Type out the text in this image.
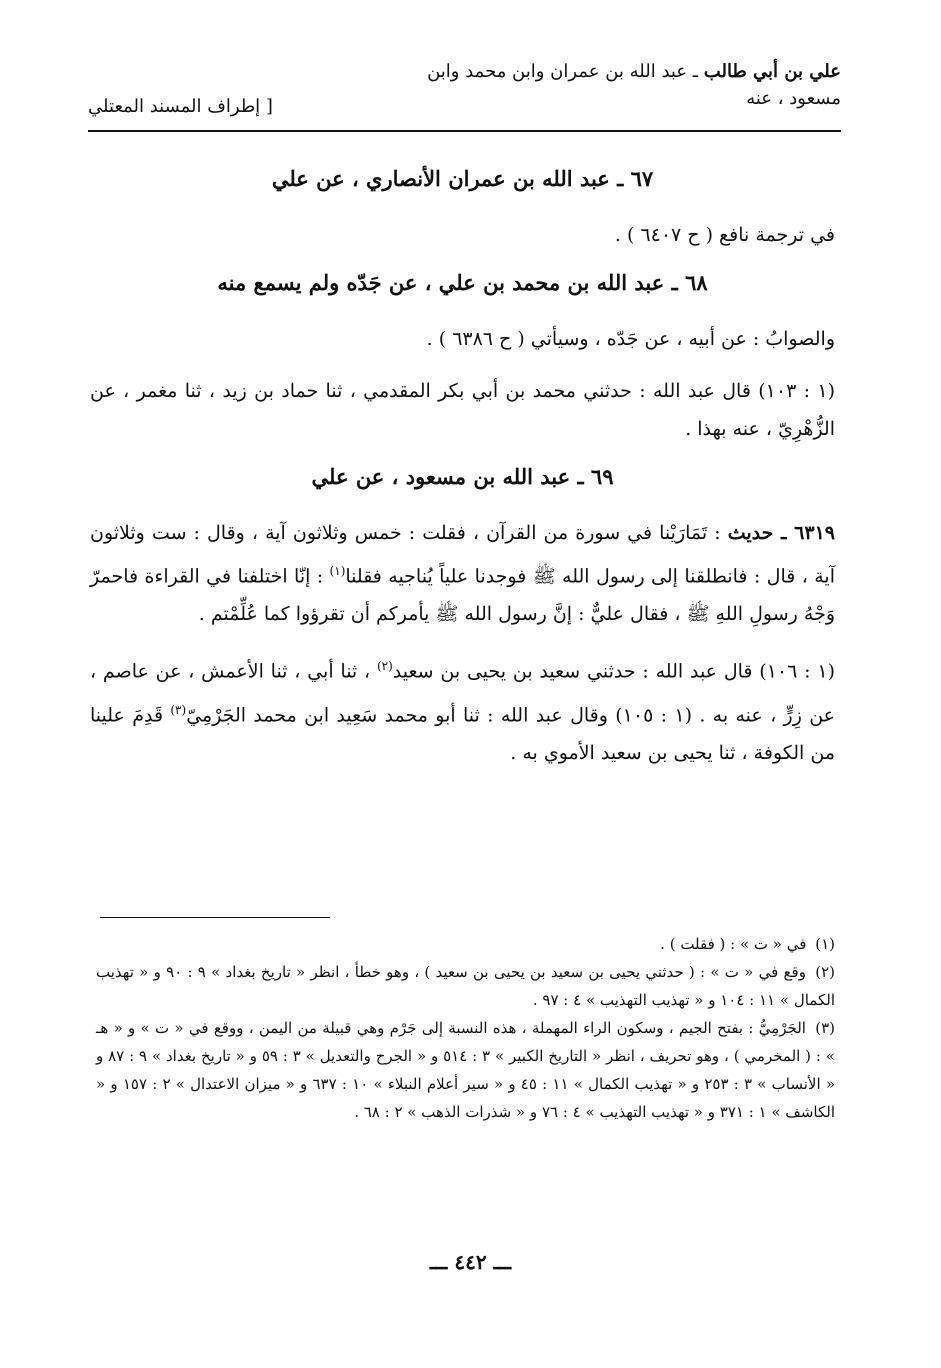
علي بن أبي طالب ـ عبد الله بن عمران وابن محمد وابن
مسعود ، عنه
[ إطراف المسند المعتلي
٦٧ ـ عبد الله بن عمران الأنصاري ، عن علي

في ترجمة نافع ( ح ٦٤٠٧ ) .

٦٨ ـ عبد الله بن محمد بن علي ، عن جَدّه ولم يسمع منه

والصوابُ : عن أبيه ، عن جَدّه ، وسيأتي ( ح ٦٣٨٦ ) .

(١ : ١٠٣) قال عبد الله : حدثني محمد بن أبي بكر المقدمي ، ثنا حماد بن زيد ، ثنا مغمر ، عن الزُّهْرِيّ ، عنه بهذا .

٦٩ ـ عبد الله بن مسعود ، عن علي

٦٣١٩ ـ حديث : تَمَارَيْنا في سورة من القرآن ، فقلت : خمس وثلاثون آية ، وقال : ست وثلاثون آية ، قال : فانطلقنا إلى رسول الله ﷺ فوجدنا علياً يُناجيه فقلنا$^{(١)}$ : إنّا اختلفنا في القراءة فاحمرّ وَجْهُ رسولِ اللهِ ﷺ ، فقال عليٌّ : إنَّ رسول الله ﷺ يأمركم أن تقرؤوا كما عُلِّمْتم .

(١ : ١٠٦) قال عبد الله : حدثني سعيد بن يحيى بن سعيد$^{(٢)}$ ، ثنا أبي ، ثنا الأعمش ، عن عاصم ، عن زِرٍّ ، عنه به . (١ : ١٠٥) وقال عبد الله : ثنا أبو محمد سَعِيد ابن محمد الجَرْمِيّ$^{(٣)}$ قَدِمَ علينا من الكوفة ، ثنا يحيى بن سعيد الأموي به .

(١) في « ت » : ( فقلت ) .

(٢) وقع في « ت » : ( حدثني يحيى بن سعيد بن يحيى بن سعيد ) ، وهو خطأ ، انظر « تاريخ بغداد » ٩ : ٩٠ و « تهذيب الكمال » ١١ : ١٠٤ و « تهذيب التهذيب » ٤ : ٩٧ .

(٣) الجَرْمِيُّ : بفتح الجيم ، وسكون الراء المهملة ، هذه النسبة إلى جَرْم وهي قبيلة من اليمن ، ووقع في « ت » و « هـ » : ( المخرمي ) ، وهو تحريف ، انظر « التاريخ الكبير » ٣ : ٥١٤ و « الجرح والتعديل » ٣ : ٥٩ و « تاريخ بغداد » ٩ : ٨٧ و « الأنساب » ٣ : ٢٥٣ و « تهذيب الكمال » ١١ : ٤٥ و « سير أعلام النبلاء » ١٠ : ٦٣٧ و « ميزان الاعتدال » ٢ : ١٥٧ و « الكاشف » ١ : ٣٧١ و « تهذيب التهذيب » ٤ : ٧٦ و « شذرات الذهب » ٢ : ٦٨ .

ـــ ٤٤٢ ـــ
